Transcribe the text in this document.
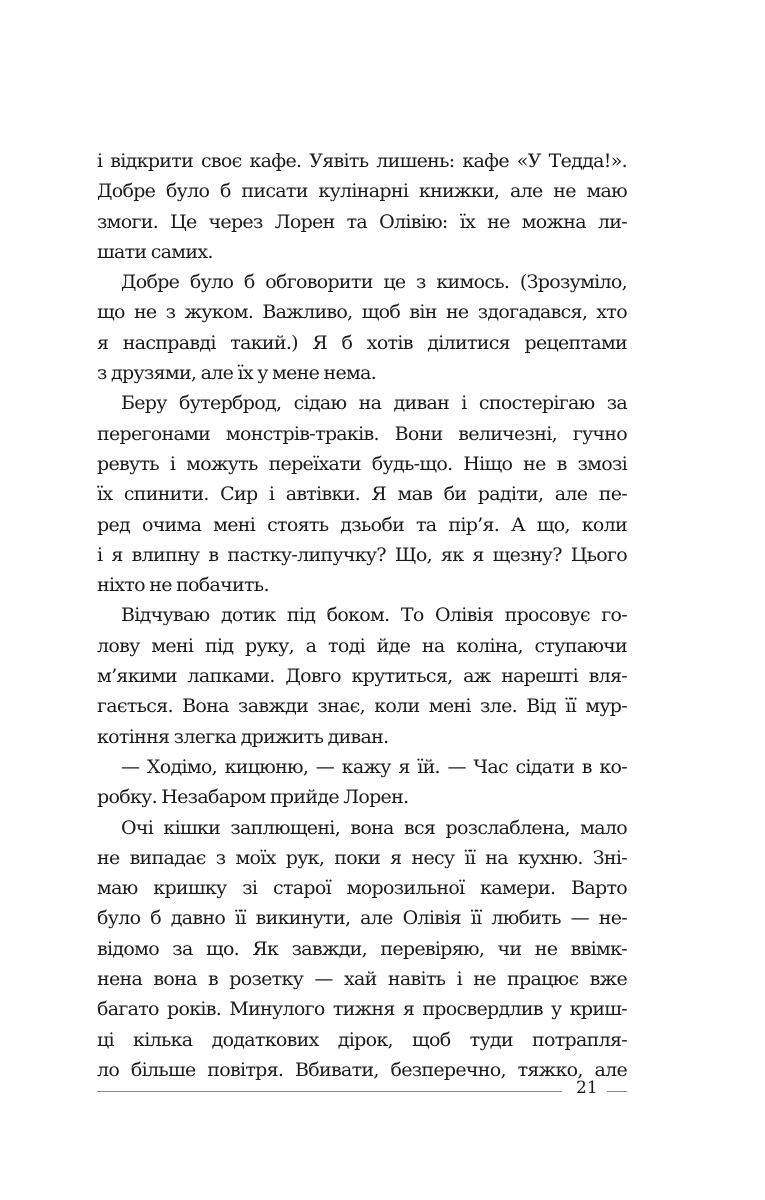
і відкрити своє кафе. Уявіть лишень: кафе «У Тедда!».
Добре було б писати кулінарні книжки, але не маю
змоги. Це через Лорен та Олівію: їх не можна ли-
шати самих.

Добре було б обговорити це з кимось. (Зрозуміло,
що не з жуком. Важливо, щоб він не здогадався, хто
я насправді такий.) Я б хотів ділитися рецептами
з друзями, але їх у мене нема.

Беру бутерброд, сідаю на диван і спостерігаю за
перегонами монстрів-траків. Вони величезні, гучно
ревуть і можуть переїхати будь-що. Ніщо не в змозі
їх спинити. Сир і автівки. Я мав би радіти, але пе-
ред очима мені стоять дзьоби та пір’я. А що, коли
і я влипну в пастку-липучку? Що, як я щезну? Цього
ніхто не побачить.

Відчуваю дотик під боком. То Олівія просовує го-
лову мені під руку, а тоді йде на коліна, ступаючи
м’якими лапками. Довго крутиться, аж нарешті вля-
гається. Вона завжди знає, коли мені зле. Від її мур-
котіння злегка дрижить диван.

— Ходімо, кицюню, — кажу я їй. — Час сідати в ко-
робку. Незабаром прийде Лорен.

Очі кішки заплющені, вона вся розслаблена, мало
не випадає з моїх рук, поки я несу її на кухню. Зні-
маю кришку зі старої морозильної камери. Варто
було б давно її викинути, але Олівія її любить — не-
відомо за що. Як завжди, перевіряю, чи не ввімк-
нена вона в розетку — хай навіть і не працює вже
багато років. Минулого тижня я просвердлив у криш-
ці кілька додаткових дірок, щоб туди потрапля-
ло більше повітря. Вбивати, безперечно, тяжко, але

21
